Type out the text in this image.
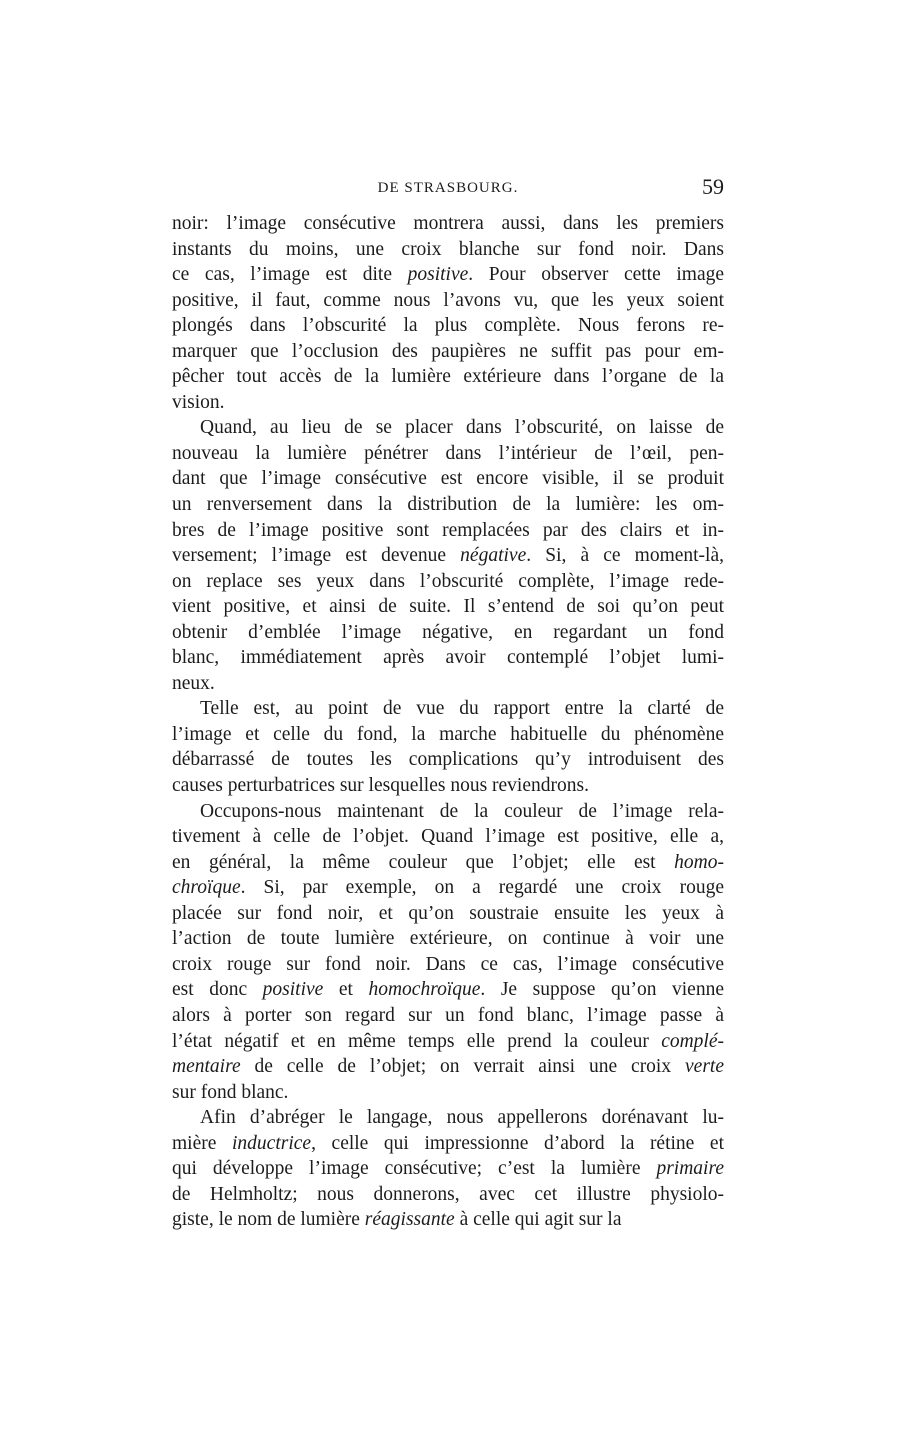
DE STRASBOURG.	59
noir: l’image consécutive montrera aussi, dans les premiers
instants du moins, une croix blanche sur fond noir. Dans
ce cas, l’image est dite positive. Pour observer cette image
positive, il faut, comme nous l’avons vu, que les yeux soient
plongés dans l’obscurité la plus complète. Nous ferons re-
marquer que l’occlusion des paupières ne suffit pas pour em-
pêcher tout accès de la lumière extérieure dans l’organe de la
vision.
Quand, au lieu de se placer dans l’obscurité, on laisse de
nouveau la lumière pénétrer dans l’intérieur de l’œil, pen-
dant que l’image consécutive est encore visible, il se produit
un renversement dans la distribution de la lumière: les om-
bres de l’image positive sont remplacées par des clairs et in-
versement; l’image est devenue négative. Si, à ce moment-là,
on replace ses yeux dans l’obscurité complète, l’image rede-
vient positive, et ainsi de suite. Il s’entend de soi qu’on peut
obtenir d’emblée l’image négative, en regardant un fond
blanc, immédiatement après avoir contemplé l’objet lumi-
neux.
Telle est, au point de vue du rapport entre la clarté de
l’image et celle du fond, la marche habituelle du phénomène
débarrassé de toutes les complications qu’y introduisent des
causes perturbatrices sur lesquelles nous reviendrons.
Occupons-nous maintenant de la couleur de l’image rela-
tivement à celle de l’objet. Quand l’image est positive, elle a,
en général, la même couleur que l’objet; elle est homo-
chroïque. Si, par exemple, on a regardé une croix rouge
placée sur fond noir, et qu’on soustraie ensuite les yeux à
l’action de toute lumière extérieure, on continue à voir une
croix rouge sur fond noir. Dans ce cas, l’image consécutive
est donc positive et homochroïque. Je suppose qu’on vienne
alors à porter son regard sur un fond blanc, l’image passe à
l’état négatif et en même temps elle prend la couleur complé-
mentaire de celle de l’objet; on verrait ainsi une croix verte
sur fond blanc.
Afin d’abréger le langage, nous appellerons dorénavant lu-
mière inductrice, celle qui impressionne d’abord la rétine et
qui développe l’image consécutive; c’est la lumière primaire
de Helmholtz; nous donnerons, avec cet illustre physiolo-
giste, le nom de lumière réagissante à celle qui agit sur la
